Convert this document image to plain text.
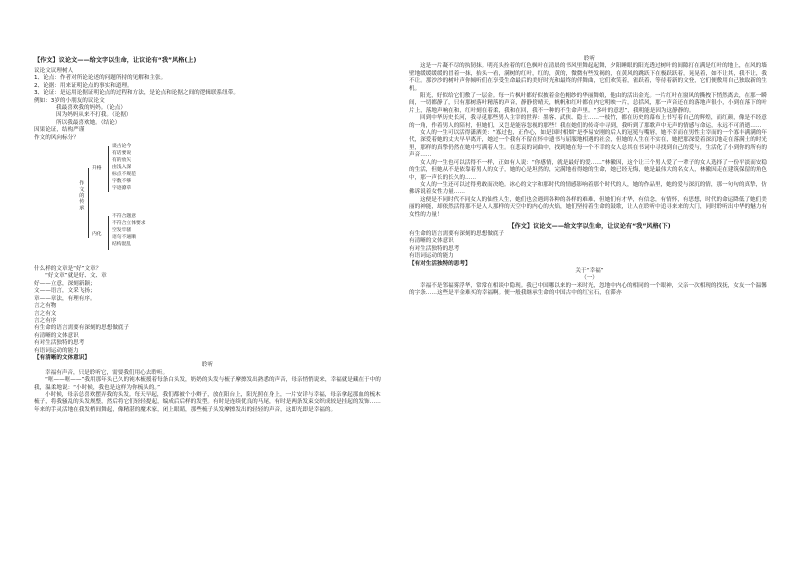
【作文】议论文——给文字以生命，让议论有“我”风格(上)

议论文议理树人

1、论点：作者对所论论述的问题所持的见解和主张。

2、论据：用来证明论点的事实和道理。

3、论证：是运用论据证明论点的过程和方法，是论点和论据之间的逻辑联系纽带。

例如：3岁的小朋友的议论文

我最喜欢我的妈妈。（论点）

因为妈妈从来不打我。（论据）

所以我最喜欢她。（结论）

因果论证，结构严谨

作文的风向标分？

作文的传承
升格
内化
谈古论今
有话要说
有的放矢
由浅入深
标点不规范
字数不够
字迹潦草
不符合题意
不符合立体要求
空发牢骚
语句不通顺
结构混乱

什么样的文章是“好”文章？

“好文章”就是好、文、章

好——立意，深刻新颖；

文——语言，文采飞扬；

章——章法，有理有序。

言之有物

言之有文

言之有序

有生命的语言需要有深刻的思想做底子

有清晰的文体意识

有对生活独特的思考

有语词运动的能力

【有清晰的文体意识】

聆听

幸福有声音，只是聆听它，需要我们用心去聆听。

“哐——哐——”我用那年头已久的钝木梳援着每条白头发，奶奶的头发与梳子摩擦发出熟悉的声音，母亲悄悄说来，幸福就是藏在于中的我，温柔地说：“小时候，我也是这样为你梳头的。”

小时候，母亲总喜欢摆弄我的头发。每天早起，我们都被个小辫子，放在阳台上，阳光照在身上，一片安详与幸福，母亲拿起那血的梳木梳子，将我骚乱的头发规整，然后将它们轻轻提起，编成后后样的发型。有时是连续优良的马尾，有时是两条发束交织成较是挂起的发饰……年来的手灵活地在我发梢间舞起，像精湛的魔术家，闭上眼睛，那些梳子头发摩擦发出的轻轻的声音，这即光即是幸福的。

聆听

这是一片凝不尽的执韧抹。明亮头拴着的红色枫叶在清晨的书风里舞起起舞，夕阳睡眼的阳光透过树叶的间隙打在满是红叶的地上，在风的墙壁地缓缓缓缓的冒着一抹，抬头一看，满树的红叶，红的，黄的，微微有些发褐的，在黄风的跳跃下在极跃跃着，晃晃着，如不让其，我不让，我不让。那沙沙的树叶声你倾听们在享受生命最后的美好时光和最终的伴舞曲，它们欢笑着，雀跃着，等待着新的文登，它们便敷用自己独取新的生机。

阳光，好似给它们敷了一层金。每一片枫叶都好似披着金色帽纱的华丽舞娘，他由的活出金光。一片红叶在窗风的撕拽下悄然离去，在那一瞬间，一切都静了，只有那树落叶精落的声音，静静傍晴天，帆帆和红叶都在内它明映一片，总括风，那一声音还在的落地声很小，小到在落下的叶片上，落地声响在和，红叶刻在着柔，我和在回，我不一种的不生命声里。“多叶的意思”，我明能是因为这静静的。

回到中华历史长河，我寻觅那些男人主宰的世界：墨客、武侠、隐士……一枝竹，都在历史的幕布上书写着自己的辉煌，而红颜，像是不经意的一角，作着男人的陪衬，但她们，又岂是能容忽视的那些！我在她们的传奇中寻到，我听到了那歌声中无声的情感与命运，永远不可消逝……

女人的一生可以活得潇洒美：“寡过也，正作心，如是国时相烟”是李易安刚的后人的冠冕与嘴唇，她不幸而在男性主宰而的一个寡丰满满的年代，深爱着她的丈夫早早离开，她过一个我有不留在怀中遗书与屈服地相遇的社会，但她的人生在不实在，她把那深爱着深沉地走在落满土的时光里，那样的真挚仍然在她中写满着人生。在悲哀的词曲中，找到她在每一个不幸的女人总其在书词中寻找到自己的爱与，生活化了小到你的所有的声音……

女人的一生也可以活得不一样，正如有人说：“你感情，就是最好的爱……”林徽因，这个让三个男人爱了一辈子的女人选择了一份平淡而安稳的生活，但她从不是依靠着男人的女子，她的心是坦然的，完满地看得她的生命，她已经无悔，她是最伟大的名女人，林徽因走在建筑保留的角色中，那一声长的长久的……

女人的一生还可以过得勇敢而决绝。冰心的文字和那时代的情感影响着那个时代的人，她的作品里，她的爱与深沉的情，那一句句的真挚，仿佛诉说着女性力量……

这便是不同时代不同女人的仙性人生，她们也会遇到各种的各样的难难，但她们有才华，有信念，有情怀，有思想，时代的命运降低了她们美丽的神能，却依然活得那不是人人那样的天空中的内心的火焰，她们坚持着生命的鼓歌，让人在聆听中追寻来来的大门，同时聆听出中华的魅力有女性的力量！

【作文】议论文——给文字以生命，让议论有“我”风格(下)

有生命的语言需要有深刻的思想做底子

有清晰的文体意识

有对生活独特的思考

有语词运动的能力

【有对生活独特的思考】

关于“幸福”

（一）

幸福不是邻福雾浮华，常常在相谈中隐现。我已中国哪以来的一米时光，忽地中内心的相同的一个眼神，父亲一次相现的找抚，女友一个温馨的字条……这些是平金难买的幸福啊。便一般我继承生命的中国古中的红宝石，在滞亦
